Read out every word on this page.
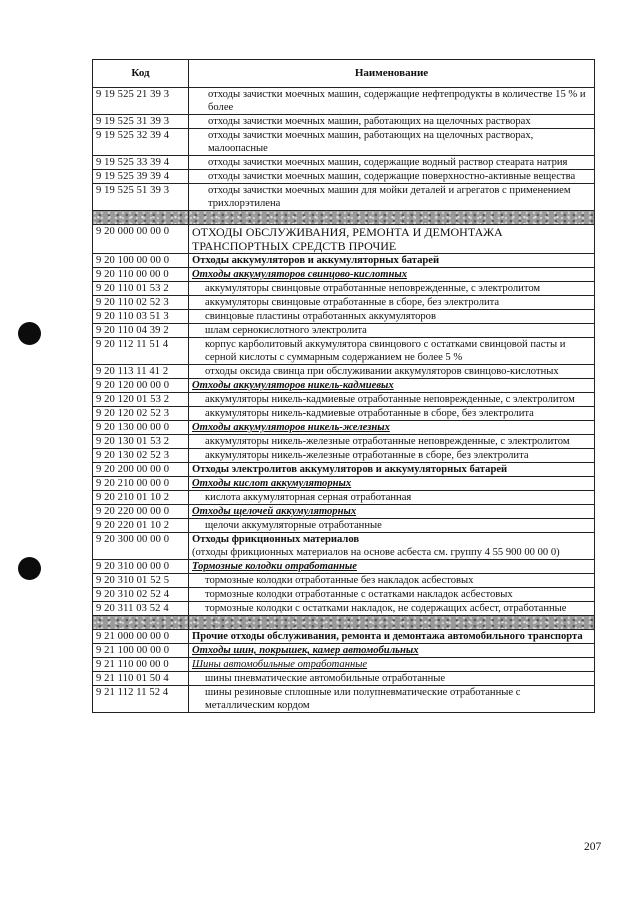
Код	Наименование
9 19 525 21 39 3	отходы зачистки моечных машин, содержащие нефтепродукты в количестве 15 % и более

9 19 525 31 39 3	отходы зачистки моечных машин, работающих на щелочных растворах

9 19 525 32 39 4	отходы зачистки моечных машин, работающих на щелочных растворах, малоопасные

9 19 525 33 39 4	отходы зачистки моечных машин, содержащие водный раствор стеарата натрия

9 19 525 39 39 4	отходы зачистки моечных машин, содержащие поверхностно-активные вещества

9 19 525 51 39 3	отходы зачистки моечных машин для мойки деталей и агрегатов с применением трихлорэтилена

9 20 000 00 00 0	ОТХОДЫ ОБСЛУЖИВАНИЯ, РЕМОНТА И ДЕМОНТАЖА ТРАНСПОРТНЫХ СРЕДСТВ ПРОЧИЕ

9 20 100 00 00 0	Отходы аккумуляторов и аккумуляторных батарей

9 20 110 00 00 0	Отходы аккумуляторов свинцово-кислотных

9 20 110 01 53 2	аккумуляторы свинцовые отработанные неповрежденные, с электролитом

9 20 110 02 52 3	аккумуляторы свинцовые отработанные в сборе, без электролита

9 20 110 03 51 3	свинцовые пластины отработанных аккумуляторов

9 20 110 04 39 2	шлам сернокислотного электролита

9 20 112 11 51 4	корпус карболитовый аккумулятора свинцового с остатками свинцовой пасты и серной кислоты с суммарным содержанием не более 5 %

9 20 113 11 41 2	отходы оксида свинца при обслуживании аккумуляторов свинцово-кислотных

9 20 120 00 00 0	Отходы аккумуляторов никель-кадмиевых

9 20 120 01 53 2	аккумуляторы никель-кадмиевые отработанные неповрежденные, с электролитом

9 20 120 02 52 3	аккумуляторы никель-кадмиевые отработанные в сборе, без электролита

9 20 130 00 00 0	Отходы аккумуляторов никель-железных

9 20 130 01 53 2	аккумуляторы никель-железные отработанные неповрежденные, с электролитом

9 20 130 02 52 3	аккумуляторы никель-железные отработанные в сборе, без электролита

9 20 200 00 00 0	Отходы электролитов аккумуляторов и аккумуляторных батарей

9 20 210 00 00 0	Отходы кислот аккумуляторных

9 20 210 01 10 2	кислота аккумуляторная серная отработанная

9 20 220 00 00 0	Отходы щелочей аккумуляторных

9 20 220 01 10 2	щелочи аккумуляторные отработанные

9 20 300 00 00 0	Отходы фрикционных материалов
(отходы фрикционных материалов на основе асбеста см. группу 4 55 900 00 00 0)

9 20 310 00 00 0	Тормозные колодки отработанные

9 20 310 01 52 5	тормозные колодки отработанные без накладок асбестовых

9 20 310 02 52 4	тормозные колодки отработанные с остатками накладок асбестовых

9 20 311 03 52 4	тормозные колодки с остатками накладок, не содержащих асбест, отработанные

9 21 000 00 00 0	Прочие отходы обслуживания, ремонта и демонтажа автомобильного транспорта

9 21 100 00 00 0	Отходы шин, покрышек, камер автомобильных

9 21 110 00 00 0	Шины автомобильные отработанные

9 21 110 01 50 4	шины пневматические автомобильные отработанные

9 21 112 11 52 4	шины резиновые сплошные или полупневматические отработанные с металлическим кордом
207
